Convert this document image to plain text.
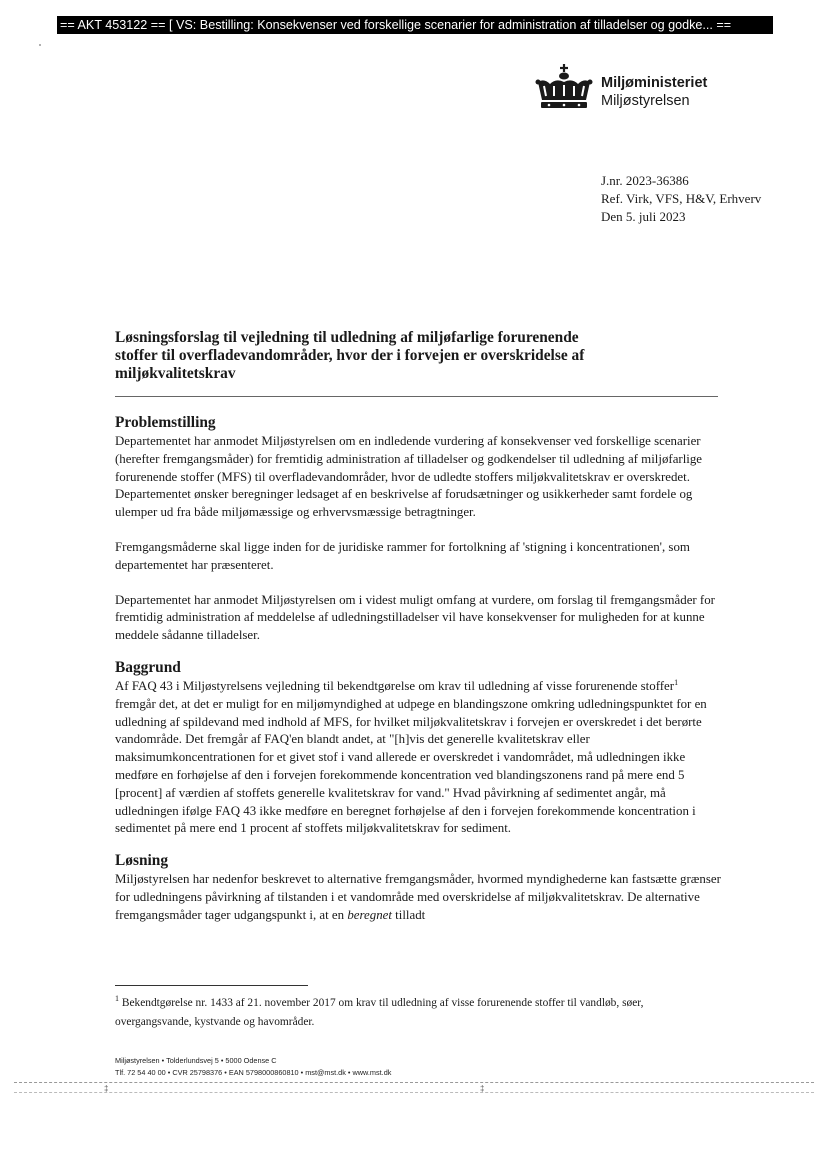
== AKT 453122 == [ VS: Bestilling: Konsekvenser ved forskellige scenarier for administration af tilladelser og godke... ==
Miljøministeriet
Miljøstyrelsen
J.nr. 2023-36386
Ref. Virk, VFS, H&V, Erhverv
Den 5. juli 2023
Løsningsforslag til vejledning til udledning af miljøfarlige forurenende stoffer til overfladevandområder, hvor der i forvejen er overskridelse af miljøkvalitetskrav
Problemstilling

Departementet har anmodet Miljøstyrelsen om en indledende vurdering af konsekvenser ved forskellige scenarier (herefter fremgangsmåder) for fremtidig administration af tilladelser og godkendelser til udledning af miljøfarlige forurenende stoffer (MFS) til overfladevandområder, hvor de udledte stoffers miljøkvalitetskrav er overskredet. Departementet ønsker beregninger ledsaget af en beskrivelse af forudsætninger og usikkerheder samt fordele og ulemper ud fra både miljømæssige og erhvervsmæssige betragtninger.

Fremgangsmåderne skal ligge inden for de juridiske rammer for fortolkning af 'stigning i koncentrationen', som departementet har præsenteret.

Departementet har anmodet Miljøstyrelsen om i videst muligt omfang at vurdere, om forslag til fremgangsmåder for fremtidig administration af meddelelse af udledningstilladelser vil have konsekvenser for muligheden for at kunne meddele sådanne tilladelser.

Baggrund

Af FAQ 43 i Miljøstyrelsens vejledning til bekendtgørelse om krav til udledning af visse forurenende stoffer$^1$ fremgår det, at det er muligt for en miljømyndighed at udpege en blandingszone omkring udledningspunktet for en udledning af spildevand med indhold af MFS, for hvilket miljøkvalitetskrav i forvejen er overskredet i det berørte vandområde. Det fremgår af FAQ'en blandt andet, at "[h]vis det generelle kvalitetskrav eller maksimumkoncentrationen for et givet stof i vand allerede er overskredet i vandområdet, må udledningen ikke medføre en forhøjelse af den i forvejen forekommende koncentration ved blandingszonens rand på mere end 5 [procent] af værdien af stoffets generelle kvalitetskrav for vand." Hvad påvirkning af sedimentet angår, må udledningen ifølge FAQ 43 ikke medføre en beregnet forhøjelse af den i forvejen forekommende koncentration i sedimentet på mere end 1 procent af stoffets miljøkvalitetskrav for sediment.

Løsning

Miljøstyrelsen har nedenfor beskrevet to alternative fremgangsmåder, hvormed myndighederne kan fastsætte grænser for udledningens påvirkning af tilstanden i et vandområde med overskridelse af miljøkvalitetskrav. De alternative fremgangsmåder tager udgangspunkt i, at en beregnet tilladt

$^1$ Bekendtgørelse nr. 1433 af 21. november 2017 om krav til udledning af visse forurenende stoffer til vandløb, søer, overgangsvande, kystvande og havområder.

Miljøstyrelsen • Tolderlundsvej 5 • 5000 Odense C
Tlf. 72 54 40 00 • CVR 25798376 • EAN 5798000860810 • mst@mst.dk • www.mst.dk
‡	‡
